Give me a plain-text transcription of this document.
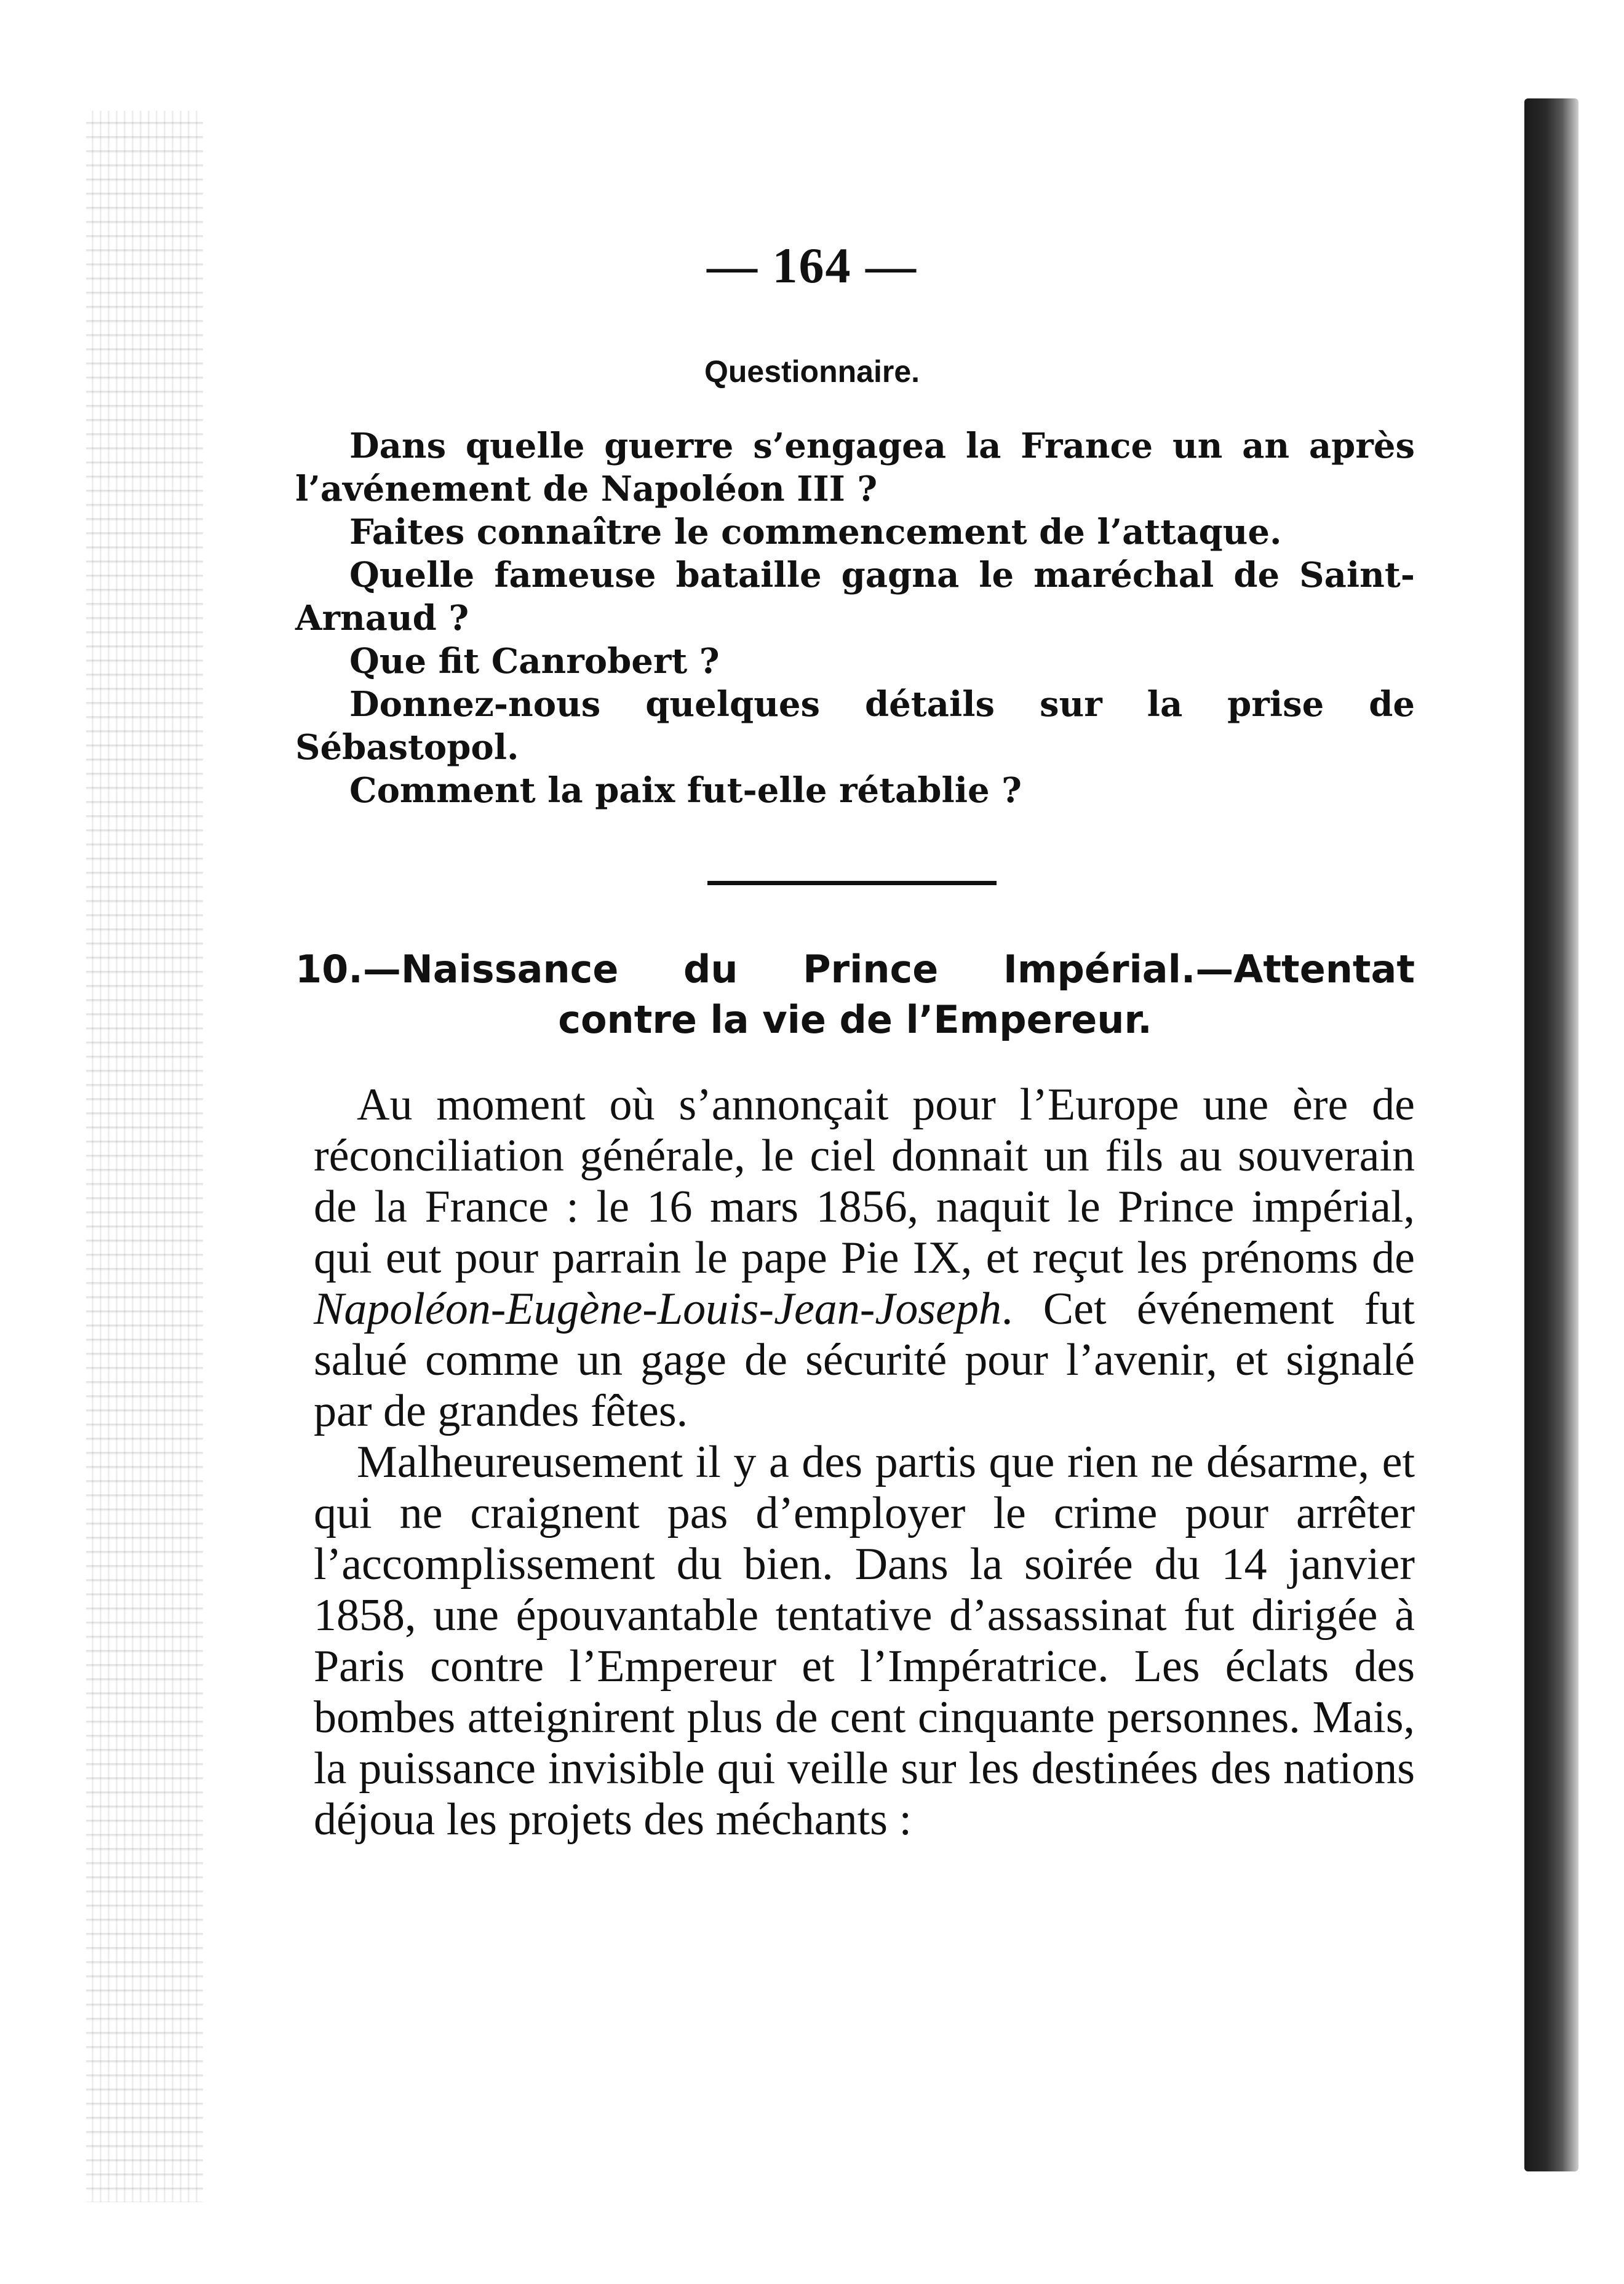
— 164 —
Questionnaire.

Dans quelle guerre s’engagea la France un an après l’avénement de Napoléon III ?

Faites connaître le commencement de l’attaque.

Quelle fameuse bataille gagna le maréchal de Saint-Arnaud ?

Que fit Canrobert ?

Donnez-nous quelques détails sur la prise de Sébastopol.

Comment la paix fut-elle rétablie ?

10.—Naissance du Prince Impérial.—Attentat
contre la vie de l’Empereur.

Au moment où s’annonçait pour l’Europe une ère de réconciliation générale, le ciel donnait un fils au souverain de la France : le 16 mars 1856, naquit le Prince impérial, qui eut pour parrain le pape Pie IX, et reçut les prénoms de Napoléon-Eugène-Louis-Jean-Joseph. Cet événement fut salué comme un gage de sécurité pour l’avenir, et signalé par de grandes fêtes.

Malheureusement il y a des partis que rien ne désarme, et qui ne craignent pas d’employer le crime pour arrêter l’accomplissement du bien. Dans la soirée du 14 janvier 1858, une épouvantable tentative d’assassinat fut dirigée à Paris contre l’Empereur et l’Impératrice. Les éclats des bombes atteignirent plus de cent cinquante personnes. Mais, la puissance invisible qui veille sur les destinées des nations déjoua les projets des méchants :
